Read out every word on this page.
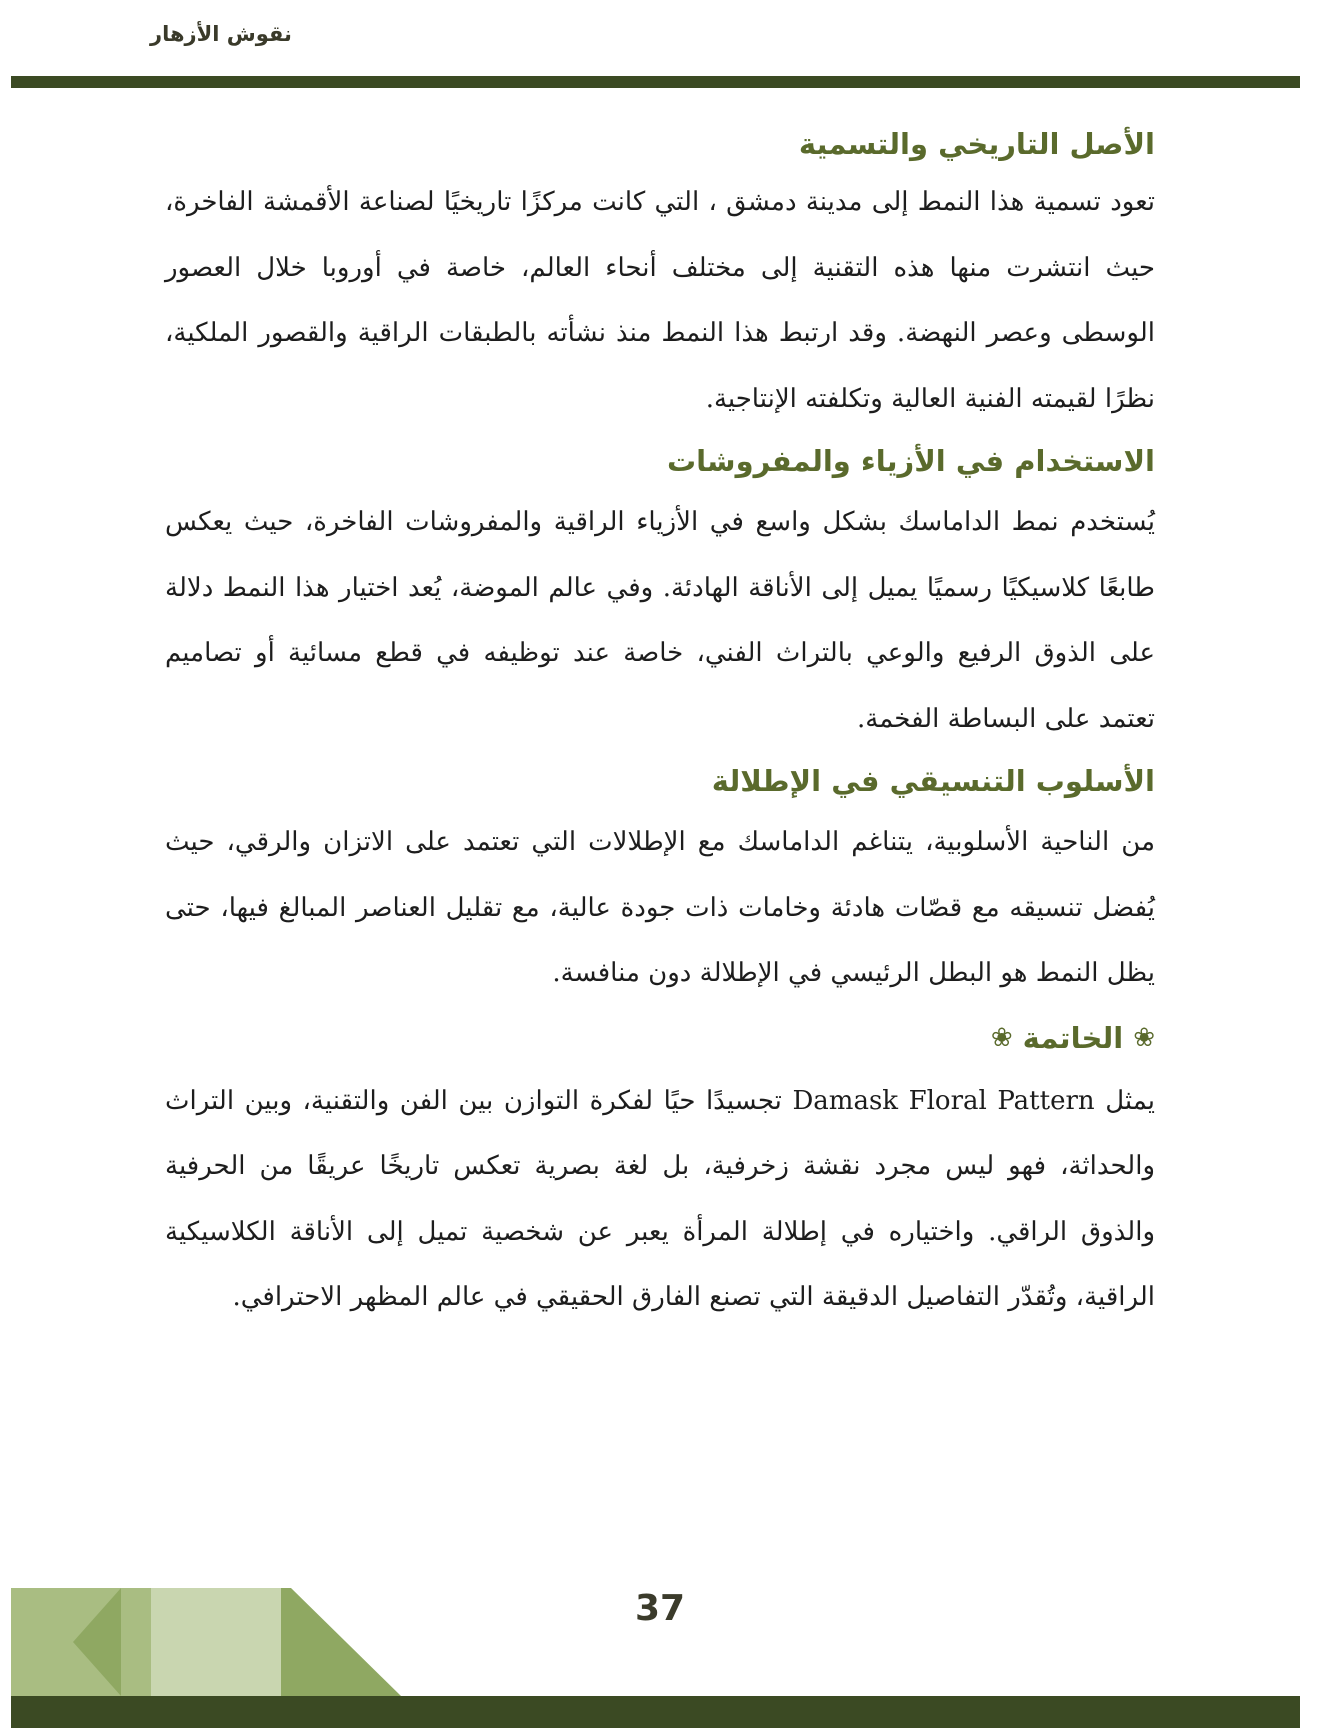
نقوش الأزهار
الأصل التاريخي والتسمية

تعود تسمية هذا النمط إلى مدينة دمشق ، التي كانت مركزًا تاريخيًا لصناعة الأقمشة الفاخرة، حيث انتشرت منها هذه التقنية إلى مختلف أنحاء العالم، خاصة في أوروبا خلال العصور الوسطى وعصر النهضة. وقد ارتبط هذا النمط منذ نشأته بالطبقات الراقية والقصور الملكية، نظرًا لقيمته الفنية العالية وتكلفته الإنتاجية.

الاستخدام في الأزياء والمفروشات

يُستخدم نمط الداماسك بشكل واسع في الأزياء الراقية والمفروشات الفاخرة، حيث يعكس طابعًا كلاسيكيًا رسميًا يميل إلى الأناقة الهادئة. وفي عالم الموضة، يُعد اختيار هذا النمط دلالة على الذوق الرفيع والوعي بالتراث الفني، خاصة عند توظيفه في قطع مسائية أو تصاميم تعتمد على البساطة الفخمة.

الأسلوب التنسيقي في الإطلالة

من الناحية الأسلوبية، يتناغم الداماسك مع الإطلالات التي تعتمد على الاتزان والرقي، حيث يُفضل تنسيقه مع قصّات هادئة وخامات ذات جودة عالية، مع تقليل العناصر المبالغ فيها، حتى يظل النمط هو البطل الرئيسي في الإطلالة دون منافسة.

❀
الخاتمة
❀

يمثل Damask Floral Pattern تجسيدًا حيًا لفكرة التوازن بين الفن والتقنية، وبين التراث والحداثة، فهو ليس مجرد نقشة زخرفية، بل لغة بصرية تعكس تاريخًا عريقًا من الحرفية والذوق الراقي. واختياره في إطلالة المرأة يعبر عن شخصية تميل إلى الأناقة الكلاسيكية الراقية، وتُقدّر التفاصيل الدقيقة التي تصنع الفارق الحقيقي في عالم المظهر الاحترافي.

37
